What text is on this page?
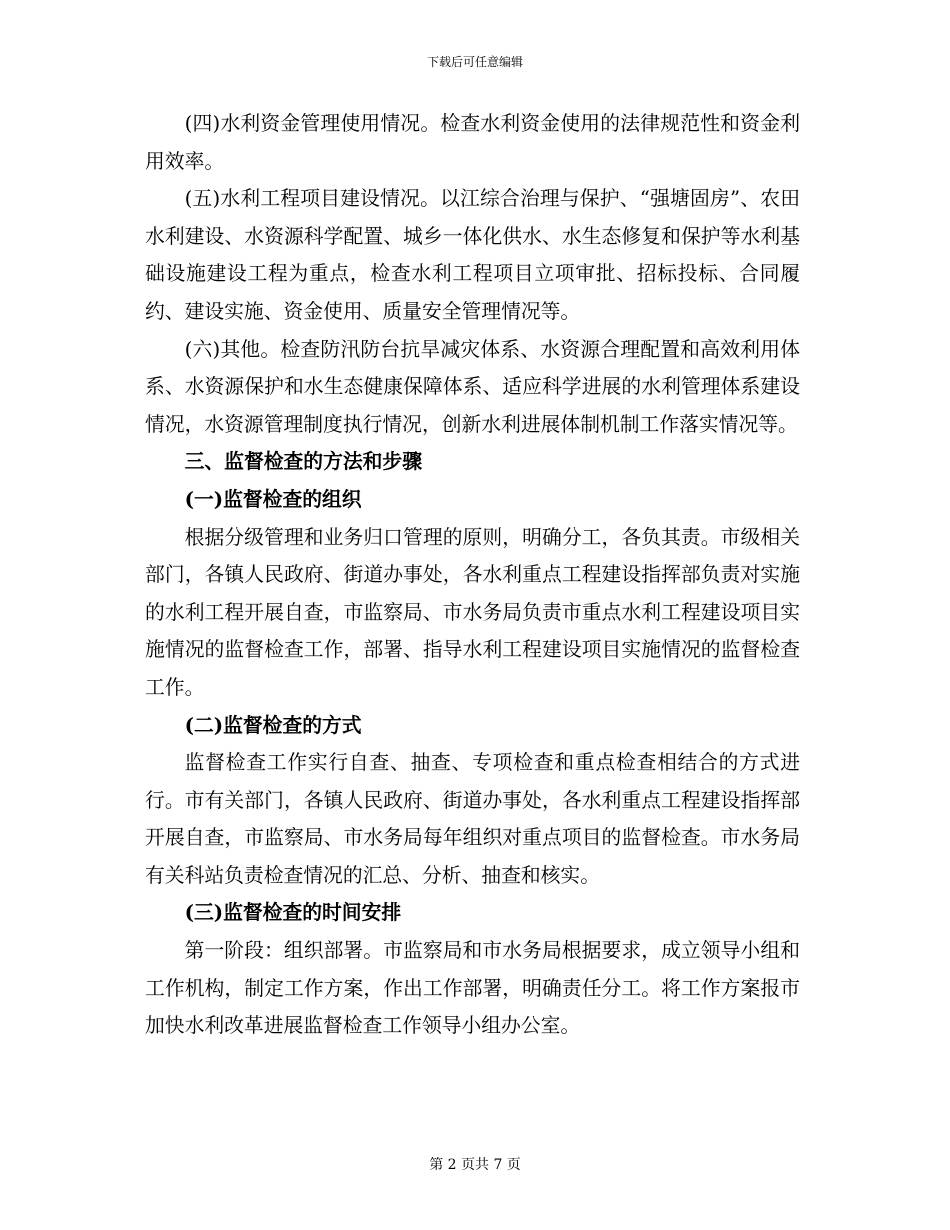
下载后可任意编辑

(四)水利资金管理使用情况。检查水利资金使用的法律规范性和资金利用效率。

(五)水利工程项目建设情况。以江综合治理与保护、“强塘固房”、农田水利建设、水资源科学配置、城乡一体化供水、水生态修复和保护等水利基础设施建设工程为重点，检查水利工程项目立项审批、招标投标、合同履约、建设实施、资金使用、质量安全管理情况等。

(六)其他。检查防汛防台抗旱减灾体系、水资源合理配置和高效利用体系、水资源保护和水生态健康保障体系、适应科学进展的水利管理体系建设情况，水资源管理制度执行情况，创新水利进展体制机制工作落实情况等。

三、监督检查的方法和步骤

(一)监督检查的组织

根据分级管理和业务归口管理的原则，明确分工，各负其责。市级相关部门，各镇人民政府、街道办事处，各水利重点工程建设指挥部负责对实施的水利工程开展自查，市监察局、市水务局负责市重点水利工程建设项目实施情况的监督检查工作，部署、指导水利工程建设项目实施情况的监督检查工作。

(二)监督检查的方式

监督检查工作实行自查、抽查、专项检查和重点检查相结合的方式进行。市有关部门，各镇人民政府、街道办事处，各水利重点工程建设指挥部开展自查，市监察局、市水务局每年组织对重点项目的监督检查。市水务局有关科站负责检查情况的汇总、分析、抽查和核实。

(三)监督检查的时间安排

第一阶段：组织部署。市监察局和市水务局根据要求，成立领导小组和工作机构，制定工作方案，作出工作部署，明确责任分工。将工作方案报市加快水利改革进展监督检查工作领导小组办公室。

第 2 页共 7 页
